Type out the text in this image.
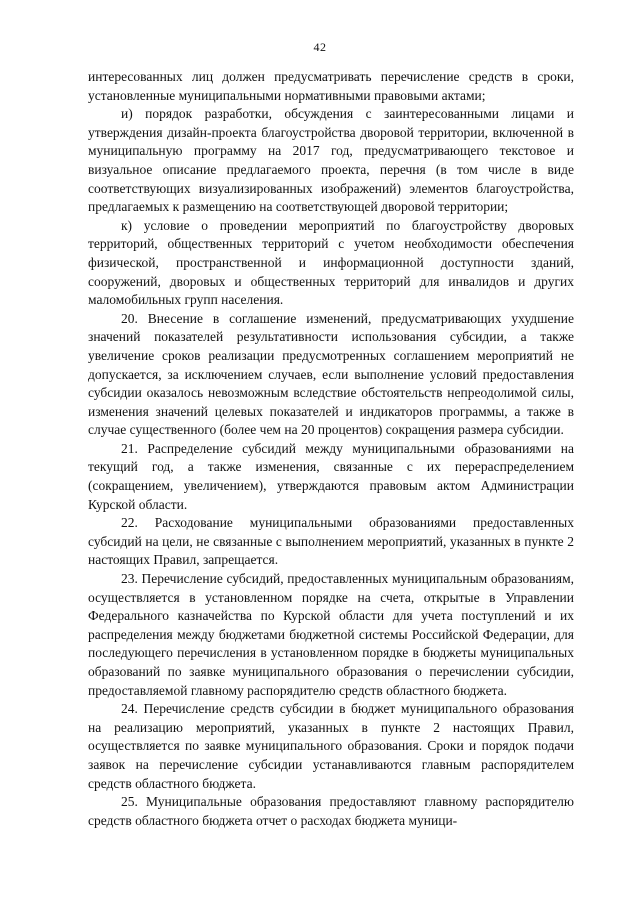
42

интересованных лиц должен предусматривать перечисление средств в сроки, установленные муниципальными нормативными правовыми актами;

и) порядок разработки, обсуждения с заинтересованными лицами и утверждения дизайн-проекта благоустройства дворовой территории, включенной в муниципальную программу на 2017 год, предусматривающего текстовое и визуальное описание предлагаемого проекта, перечня (в том числе в виде соответствующих визуализированных изображений) элементов благоустройства, предлагаемых к размещению на соответствующей дворовой территории;

к) условие о проведении мероприятий по благоустройству дворовых территорий, общественных территорий с учетом необходимости обеспечения физической, пространственной и информационной доступности зданий, сооружений, дворовых и общественных территорий для инвалидов и других маломобильных групп населения.

20. Внесение в соглашение изменений, предусматривающих ухудшение значений показателей результативности использования субсидии, а также увеличение сроков реализации предусмотренных соглашением мероприятий не допускается, за исключением случаев, если выполнение условий предоставления субсидии оказалось невозможным вследствие обстоятельств непреодолимой силы, изменения значений целевых показателей и индикаторов программы, а также в случае существенного (более чем на 20 процентов) сокращения размера субсидии.

21. Распределение субсидий между муниципальными образованиями на текущий год, а также изменения, связанные с их перераспределением (сокращением, увеличением), утверждаются правовым актом Администрации Курской области.

22. Расходование муниципальными образованиями предоставленных субсидий на цели, не связанные с выполнением мероприятий, указанных в пункте 2 настоящих Правил, запрещается.

23. Перечисление субсидий, предоставленных муниципальным образованиям, осуществляется в установленном порядке на счета, открытые в Управлении Федерального казначейства по Курской области для учета поступлений и их распределения между бюджетами бюджетной системы Российской Федерации, для последующего перечисления в установленном порядке в бюджеты муниципальных образований по заявке муниципального образования о перечислении субсидии, предоставляемой главному распорядителю средств областного бюджета.

24. Перечисление средств субсидии в бюджет муниципального образования на реализацию мероприятий, указанных в пункте 2 настоящих Правил, осуществляется по заявке муниципального образования. Сроки и порядок подачи заявок на перечисление субсидии устанавливаются главным распорядителем средств областного бюджета.

25. Муниципальные образования предоставляют главному распорядителю средств областного бюджета отчет о расходах бюджета муници-
